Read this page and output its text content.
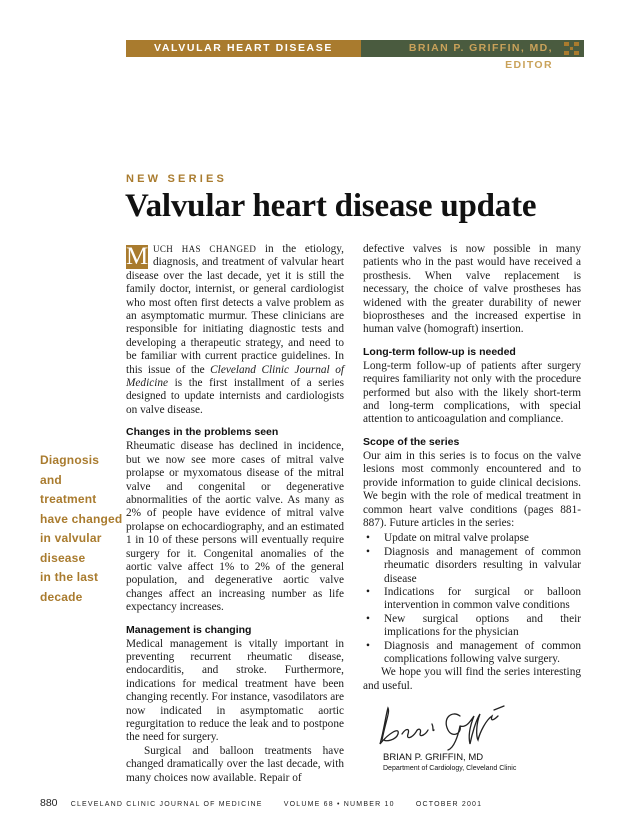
VALVULAR HEART DISEASE UPDATE
BRIAN P. GRIFFIN, MD, EDITOR
NEW SERIES
Valvular heart disease update
Diagnosis
and
treatment
have changed
in valvular
disease
in the last
decade

M UCH HAS CHANGED in the etiology, diagnosis, and treatment of valvular heart disease over the last decade, yet it is still the family doctor, internist, or general cardiologist who most often first detects a valve problem as an asymptomatic murmur. These clinicians are responsible for initiating diagnostic tests and developing a therapeutic strategy, and need to be familiar with current practice guidelines. In this issue of the Cleveland Clinic Journal of Medicine is the first installment of a series designed to update internists and cardiologists on valve disease.

Changes in the problems seen

Rheumatic disease has declined in incidence, but we now see more cases of mitral valve prolapse or myxomatous disease of the mitral valve and congenital or degenerative abnormalities of the aortic valve. As many as 2% of people have evidence of mitral valve prolapse on echocardiography, and an estimated 1 in 10 of these persons will eventually require surgery for it. Congenital anomalies of the aortic valve affect 1% to 2% of the general population, and degenerative aortic valve changes affect an increasing number as life expectancy increases.

Management is changing

Medical management is vitally important in preventing recurrent rheumatic disease, endocarditis, and stroke. Furthermore, indications for medical treatment have been changing recently. For instance, vasodilators are now indicated in asymptomatic aortic regurgitation to reduce the leak and to postpone the need for surgery.

Surgical and balloon treatments have changed dramatically over the last decade, with many choices now available. Repair of

defective valves is now possible in many patients who in the past would have received a prosthesis. When valve replacement is necessary, the choice of valve prostheses has widened with the greater durability of newer bioprostheses and the increased expertise in human valve (homograft) insertion.

Long-term follow-up is needed

Long-term follow-up of patients after surgery requires familiarity not only with the procedure performed but also with the likely short-term and long-term complications, with special attention to anticoagulation and compliance.

Scope of the series

Our aim in this series is to focus on the valve lesions most commonly encountered and to provide information to guide clinical decisions. We begin with the role of medical treatment in common heart valve conditions (pages 881-887). Future articles in the series:

• Update on mitral valve prolapse
• Diagnosis and management of common rheumatic disorders resulting in valvular disease
• Indications for surgical or balloon intervention in common valve conditions
• New surgical options and their implications for the physician
• Diagnosis and management of common complications following valve surgery.

We hope you will find the series interesting and useful.

BRIAN P. GRIFFIN, MD
Department of Cardiology, Cleveland Clinic
880 CLEVELAND CLINIC JOURNAL OF MEDICINE	VOLUME 68 • NUMBER 10	OCTOBER 2001
